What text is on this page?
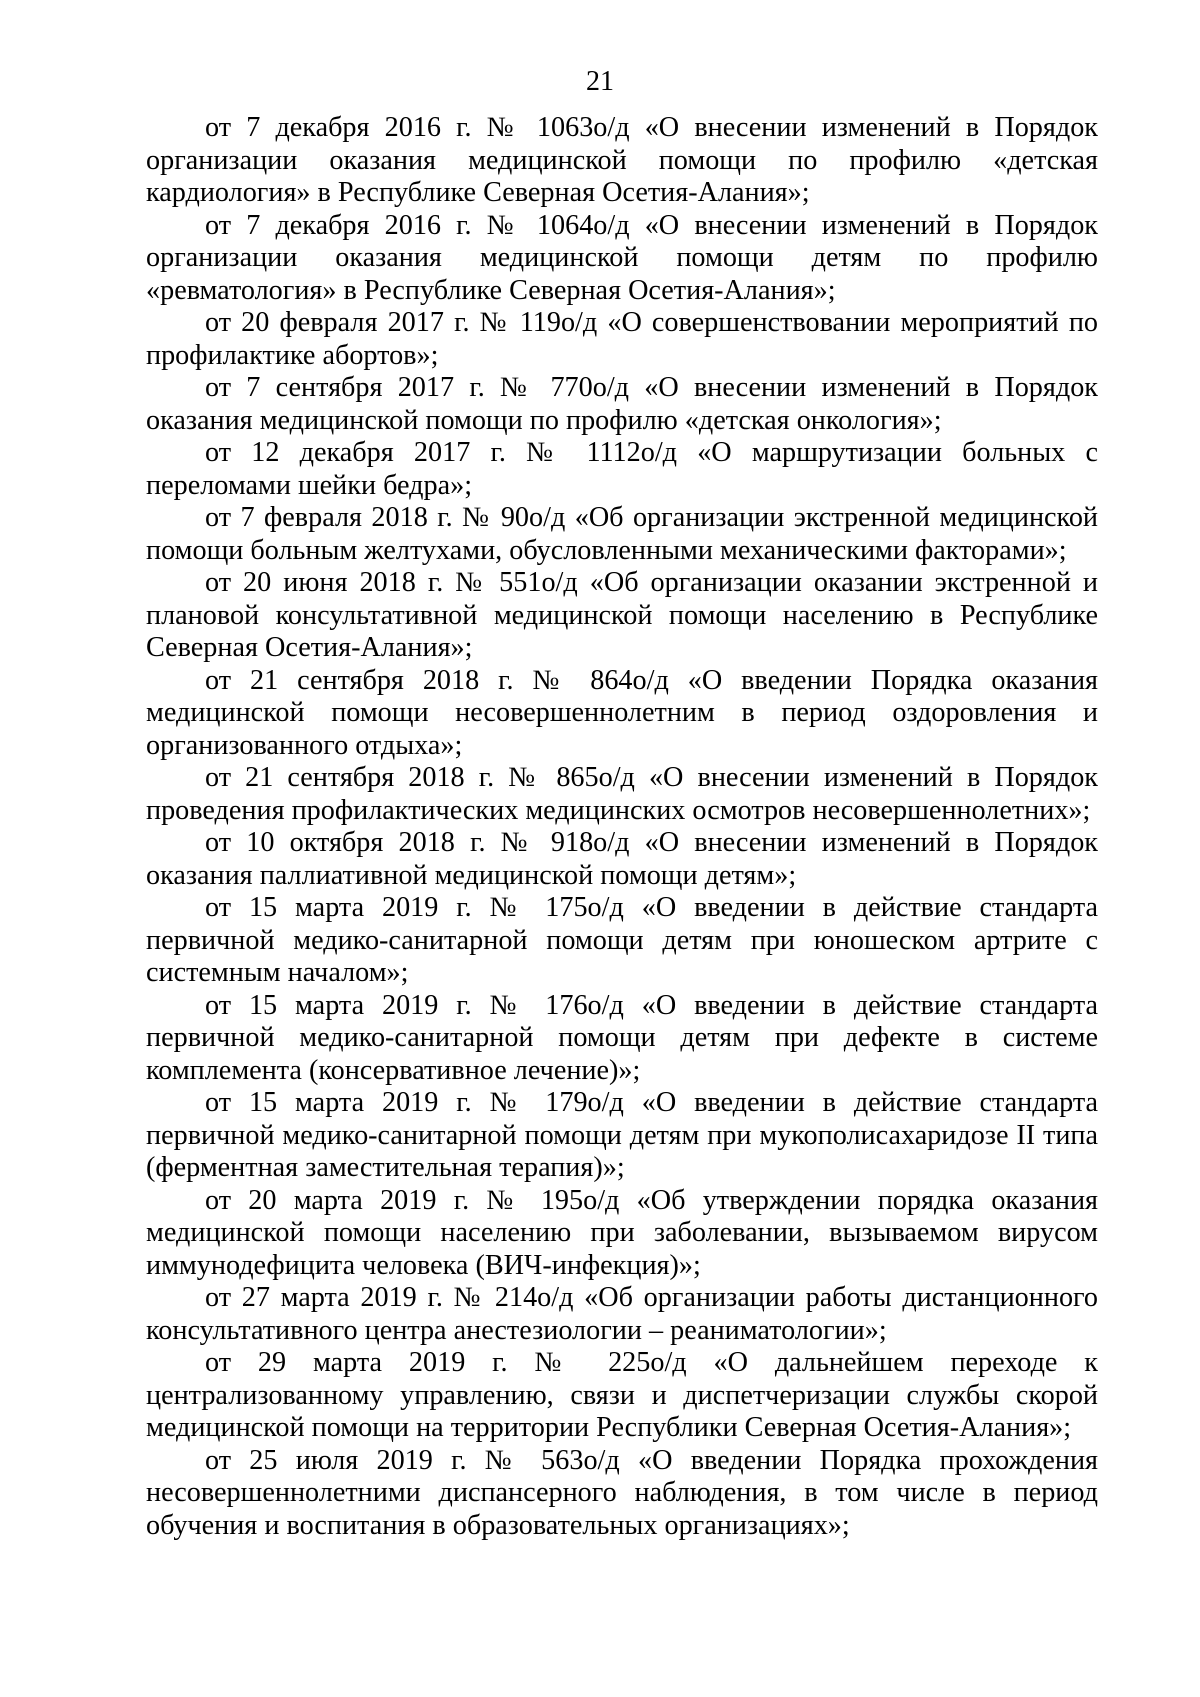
21

от 7 декабря 2016 г. № 1063о/д «О внесении изменений в Порядок организации оказания медицинской помощи по профилю «детская кардиология» в Республике Северная Осетия-Алания»;

от 7 декабря 2016 г. № 1064о/д «О внесении изменений в Порядок организации оказания медицинской помощи детям по профилю «ревматология» в Республике Северная Осетия-Алания»;

от 20 февраля 2017 г. № 119о/д «О совершенствовании мероприятий по профилактике абортов»;

от 7 сентября 2017 г. № 770о/д «О внесении изменений в Порядок оказания медицинской помощи по профилю «детская онкология»;

от 12 декабря 2017 г. № 1112о/д «О маршрутизации больных с переломами шейки бедра»;

от 7 февраля 2018 г. № 90о/д «Об организации экстренной медицинской помощи больным желтухами, обусловленными механическими факторами»;

от 20 июня 2018 г. № 551о/д «Об организации оказании экстренной и плановой консультативной медицинской помощи населению в Республике Северная Осетия-Алания»;

от 21 сентября 2018 г. № 864о/д «О введении Порядка оказания медицинской помощи несовершеннолетним в период оздоровления и организованного отдыха»;

от 21 сентября 2018 г. № 865о/д «О внесении изменений в Порядок проведения профилактических медицинских осмотров несовершеннолетних»;

от 10 октября 2018 г. № 918о/д «О внесении изменений в Порядок оказания паллиативной медицинской помощи детям»;

от 15 марта 2019 г. № 175о/д «О введении в действие стандарта первичной медико-санитарной помощи детям при юношеском артрите с системным началом»;

от 15 марта 2019 г. № 176о/д «О введении в действие стандарта первичной медико-санитарной помощи детям при дефекте в системе комплемента (консервативное лечение)»;

от 15 марта 2019 г. № 179о/д «О введении в действие стандарта первичной медико-санитарной помощи детям при мукополисахаридозе II типа (ферментная заместительная терапия)»;

от 20 марта 2019 г. № 195о/д «Об утверждении порядка оказания медицинской помощи населению при заболевании, вызываемом вирусом иммунодефицита человека (ВИЧ-инфекция)»;

от 27 марта 2019 г. № 214о/д «Об организации работы дистанционного консультативного центра анестезиологии – реаниматологии»;

от 29 марта 2019 г. № 225о/д «О дальнейшем переходе к централизованному управлению, связи и диспетчеризации службы скорой медицинской помощи на территории Республики Северная Осетия-Алания»;

от 25 июля 2019 г. № 563о/д «О введении Порядка прохождения несовершеннолетними диспансерного наблюдения, в том числе в период обучения и воспитания в образовательных организациях»;
